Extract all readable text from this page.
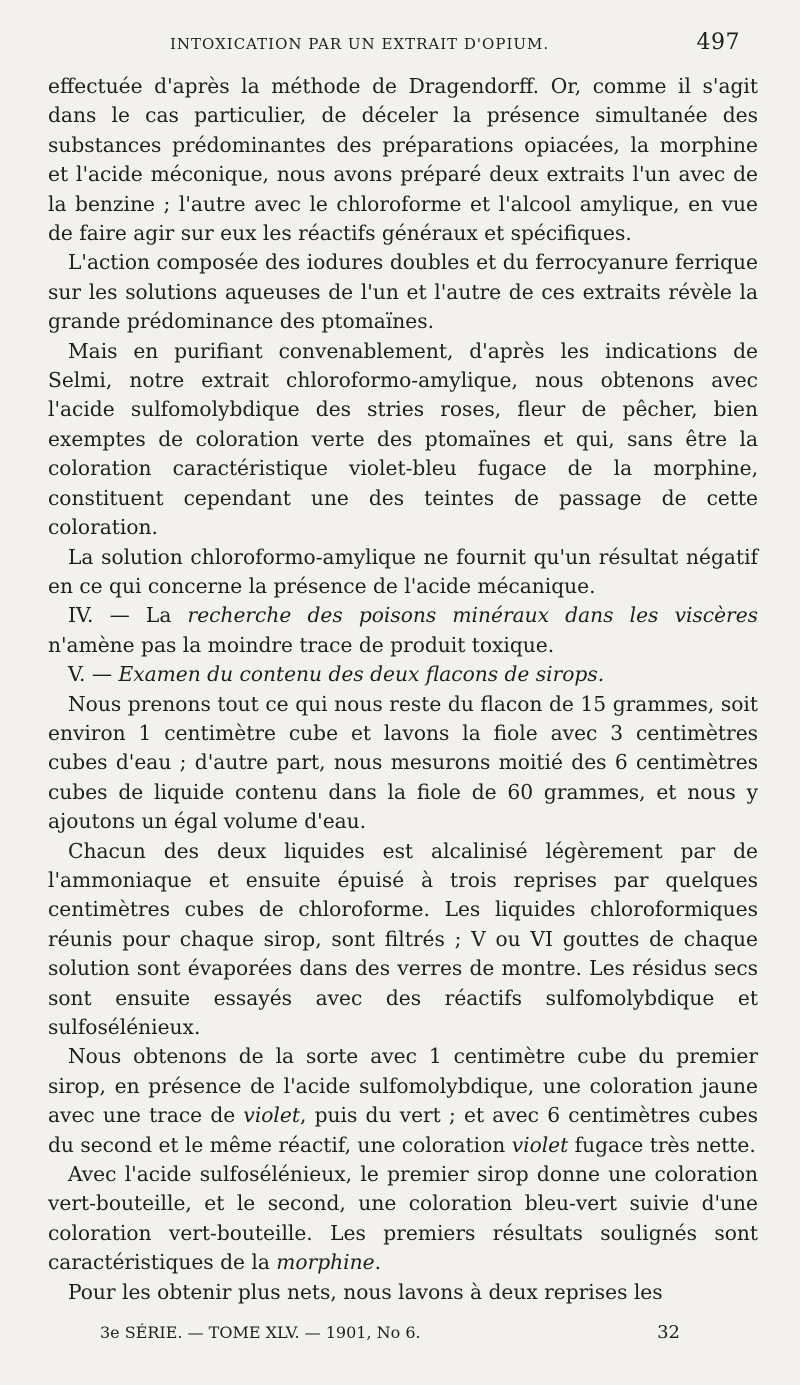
INTOXICATION PAR UN EXTRAIT D'OPIUM.	497

effectuée d'après la méthode de Dragendorff. Or, comme il s'agit dans le cas particulier, de déceler la présence simultanée des substances prédominantes des préparations opiacées, la morphine et l'acide méconique, nous avons préparé deux extraits l'un avec de la benzine ; l'autre avec le chloroforme et l'alcool amylique, en vue de faire agir sur eux les réactifs généraux et spécifiques.

L'action composée des iodures doubles et du ferrocyanure ferrique sur les solutions aqueuses de l'un et l'autre de ces extraits révèle la grande prédominance des ptomaïnes.

Mais en purifiant convenablement, d'après les indications de Selmi, notre extrait chloroformo-amylique, nous obtenons avec l'acide sulfomolybdique des stries roses, fleur de pêcher, bien exemptes de coloration verte des ptomaïnes et qui, sans être la coloration caractéristique violet-bleu fugace de la morphine, constituent cependant une des teintes de passage de cette coloration.

La solution chloroformo-amylique ne fournit qu'un résultat négatif en ce qui concerne la présence de l'acide mécanique.

IV. — La recherche des poisons minéraux dans les viscères n'amène pas la moindre trace de produit toxique.

V. — Examen du contenu des deux flacons de sirops.

Nous prenons tout ce qui nous reste du flacon de 15 grammes, soit environ 1 centimètre cube et lavons la fiole avec 3 centimètres cubes d'eau ; d'autre part, nous mesurons moitié des 6 centimètres cubes de liquide contenu dans la fiole de 60 grammes, et nous y ajoutons un égal volume d'eau.

Chacun des deux liquides est alcalinisé légèrement par de l'ammoniaque et ensuite épuisé à trois reprises par quelques centimètres cubes de chloroforme. Les liquides chloroformiques réunis pour chaque sirop, sont filtrés ; V ou VI gouttes de chaque solution sont évaporées dans des verres de montre. Les résidus secs sont ensuite essayés avec des réactifs sulfomolybdique et sulfosélénieux.

Nous obtenons de la sorte avec 1 centimètre cube du premier sirop, en présence de l'acide sulfomolybdique, une coloration jaune avec une trace de violet, puis du vert ; et avec 6 centimètres cubes du second et le même réactif, une coloration violet fugace très nette.

Avec l'acide sulfosélénieux, le premier sirop donne une coloration vert-bouteille, et le second, une coloration bleu-vert suivie d'une coloration vert-bouteille. Les premiers résultats soulignés sont caractéristiques de la morphine.

Pour les obtenir plus nets, nous lavons à deux reprises les

3e SÉRIE. — TOME XLV. — 1901, No 6.	32
